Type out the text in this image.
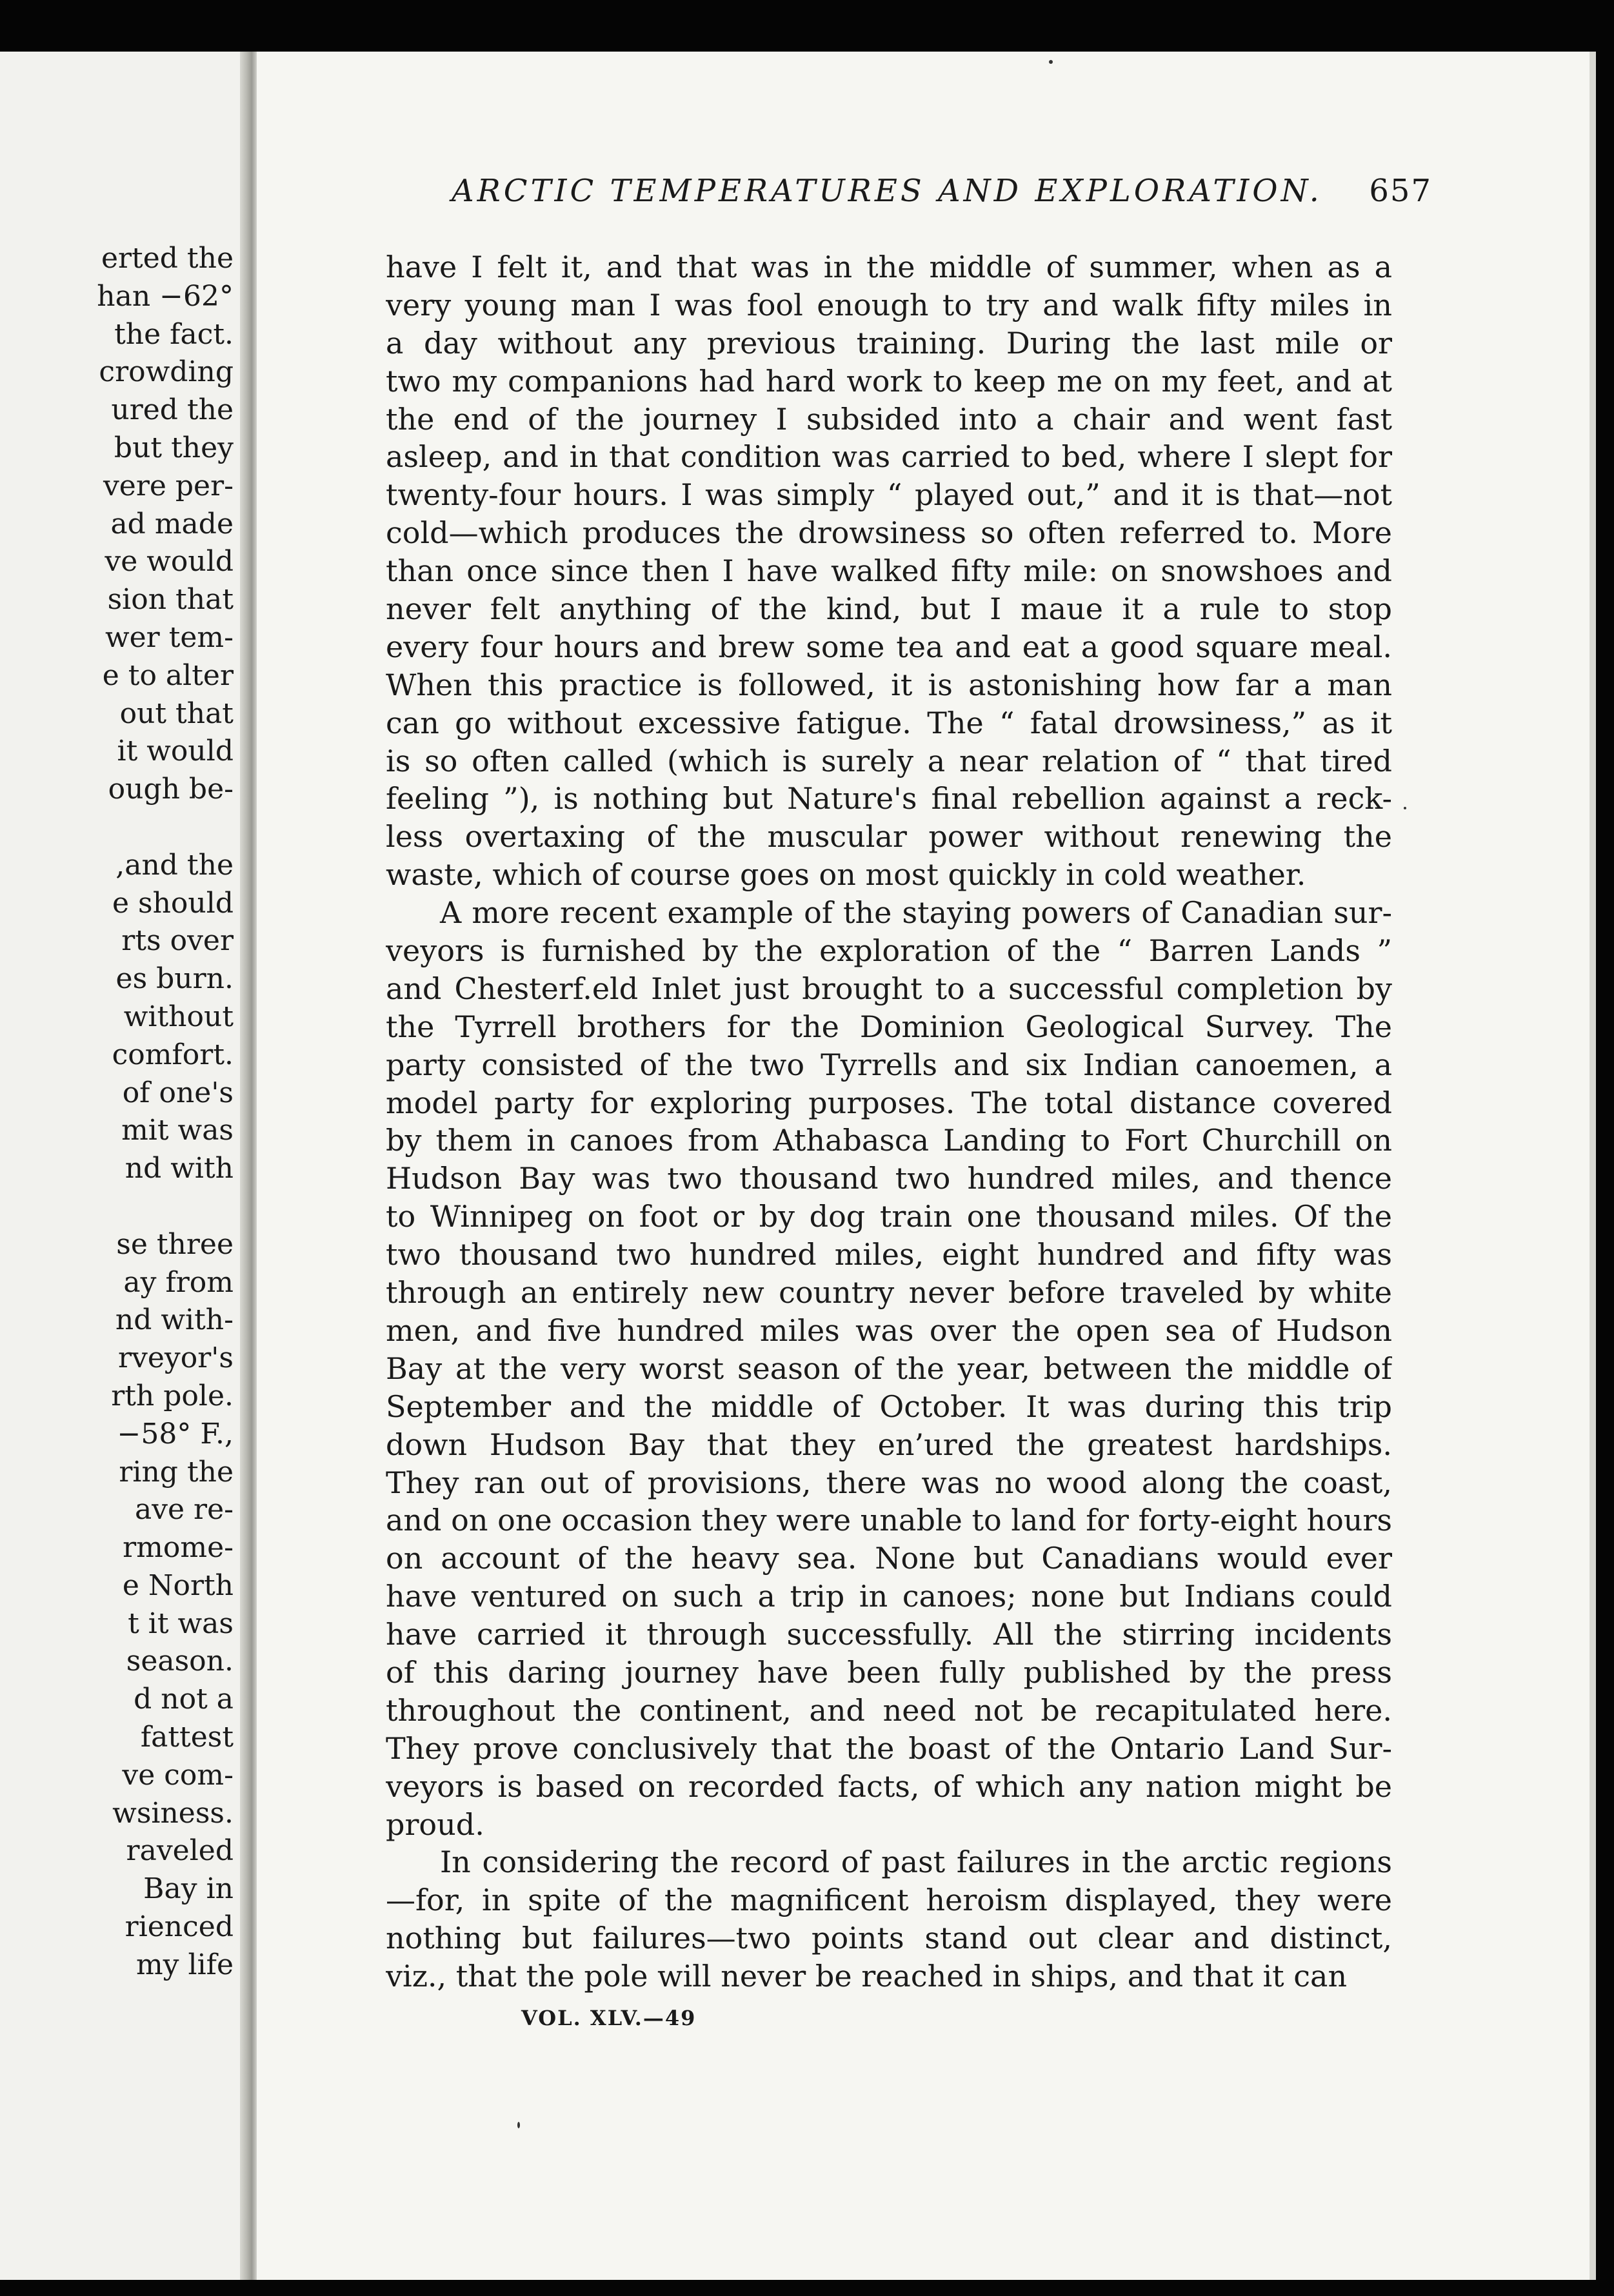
erted the
han −62°
the fact.
crowding
ured the
but they
vere per-
ad made
ve would
sion that
wer tem-
e to alter
out that
it would
ough be-
,and the
e should
rts over
es burn.
without
comfort.
of one's
mit was
nd with
se three
ay from
nd with-
rveyor's
rth pole.
−58° F.,
ring the
ave re-
rmome-
e North
t it was
season.
d not a
fattest
ve com-
wsiness.
raveled
Bay in
rienced
my life
ARCTIC TEMPERATURES AND EXPLORATION. 657
have I felt it, and that was in the middle of summer, when as a
very young man I was fool enough to try and walk fifty miles in
a day without any previous training. During the last mile or
two my companions had hard work to keep me on my feet, and at
the end of the journey I subsided into a chair and went fast
asleep, and in that condition was carried to bed, where I slept for
twenty-four hours. I was simply “ played out,” and it is that—not
cold—which produces the drowsiness so often referred to. More
than once since then I have walked fifty mile: on snowshoes and
never felt anything of the kind, but I maue it a rule to stop
every four hours and brew some tea and eat a good square meal.
When this practice is followed, it is astonishing how far a man
can go without excessive fatigue. The “ fatal drowsiness,” as it
is so often called (which is surely a near relation of “ that tired
feeling ”), is nothing but Nature's final rebellion against a reck-
less overtaxing of the muscular power without renewing the
waste, which of course goes on most quickly in cold weather.
A more recent example of the staying powers of Canadian sur-
veyors is furnished by the exploration of the “ Barren Lands ”
and Chesterf.eld Inlet just brought to a successful completion by
the Tyrrell brothers for the Dominion Geological Survey. The
party consisted of the two Tyrrells and six Indian canoemen, a
model party for exploring purposes. The total distance covered
by them in canoes from Athabasca Landing to Fort Churchill on
Hudson Bay was two thousand two hundred miles, and thence
to Winnipeg on foot or by dog train one thousand miles. Of the
two thousand two hundred miles, eight hundred and fifty was
through an entirely new country never before traveled by white
men, and five hundred miles was over the open sea of Hudson
Bay at the very worst season of the year, between the middle of
September and the middle of October. It was during this trip
down Hudson Bay that they en’ured the greatest hardships.
They ran out of provisions, there was no wood along the coast,
and on one occasion they were unable to land for forty-eight hours
on account of the heavy sea. None but Canadians would ever
have ventured on such a trip in canoes; none but Indians could
have carried it through successfully. All the stirring incidents
of this daring journey have been fully published by the press
throughout the continent, and need not be recapitulated here.
They prove conclusively that the boast of the Ontario Land Sur-
veyors is based on recorded facts, of which any nation might be
proud.
In considering the record of past failures in the arctic regions
—for, in spite of the magnificent heroism displayed, they were
nothing but failures—two points stand out clear and distinct,
viz., that the pole will never be reached in ships, and that it can
VOL. XLV.—49
